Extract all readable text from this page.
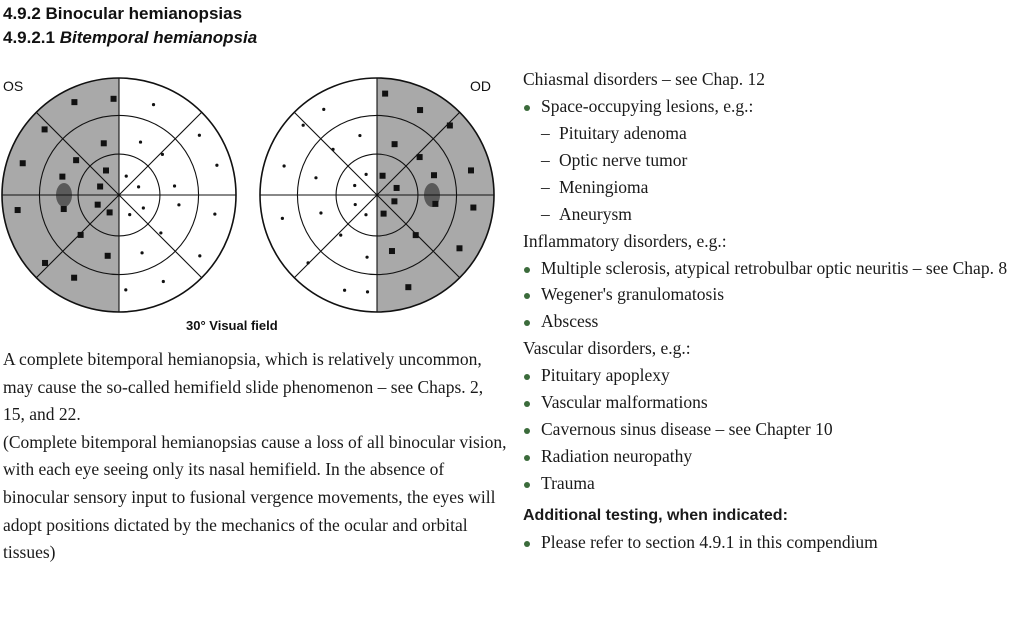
4.9.2 Binocular hemianopsias
4.9.2.1 Bitemporal hemianopsia
OS	OD
30° Visual field

A complete bitemporal hemianopsia, which is relatively uncommon, may cause the so-called hemifield slide phenomenon – see Chaps. 2, 15, and 22.

(Complete bitemporal hemianopsias cause a loss of all binocular vision, with each eye seeing only its nasal hemifield. In the absence of binocular sensory input to fusional vergence movements, the eyes will adopt positions dictated by the mechanics of the ocular and orbital tissues)

Chiasmal disorders – see Chap. 12
Space-occupying lesions, e.g.:
– Pituitary adenoma
– Optic nerve tumor
– Meningioma
– Aneurysm
Inflammatory disorders, e.g.:
Multiple sclerosis, atypical retrobulbar optic neuritis – see Chap. 8
Wegener's granulomatosis
Abscess
Vascular disorders, e.g.:
Pituitary apoplexy
Vascular malformations
Cavernous sinus disease – see Chapter 10
Radiation neuropathy
Trauma
Additional testing, when indicated:
Please refer to section 4.9.1 in this compendium
